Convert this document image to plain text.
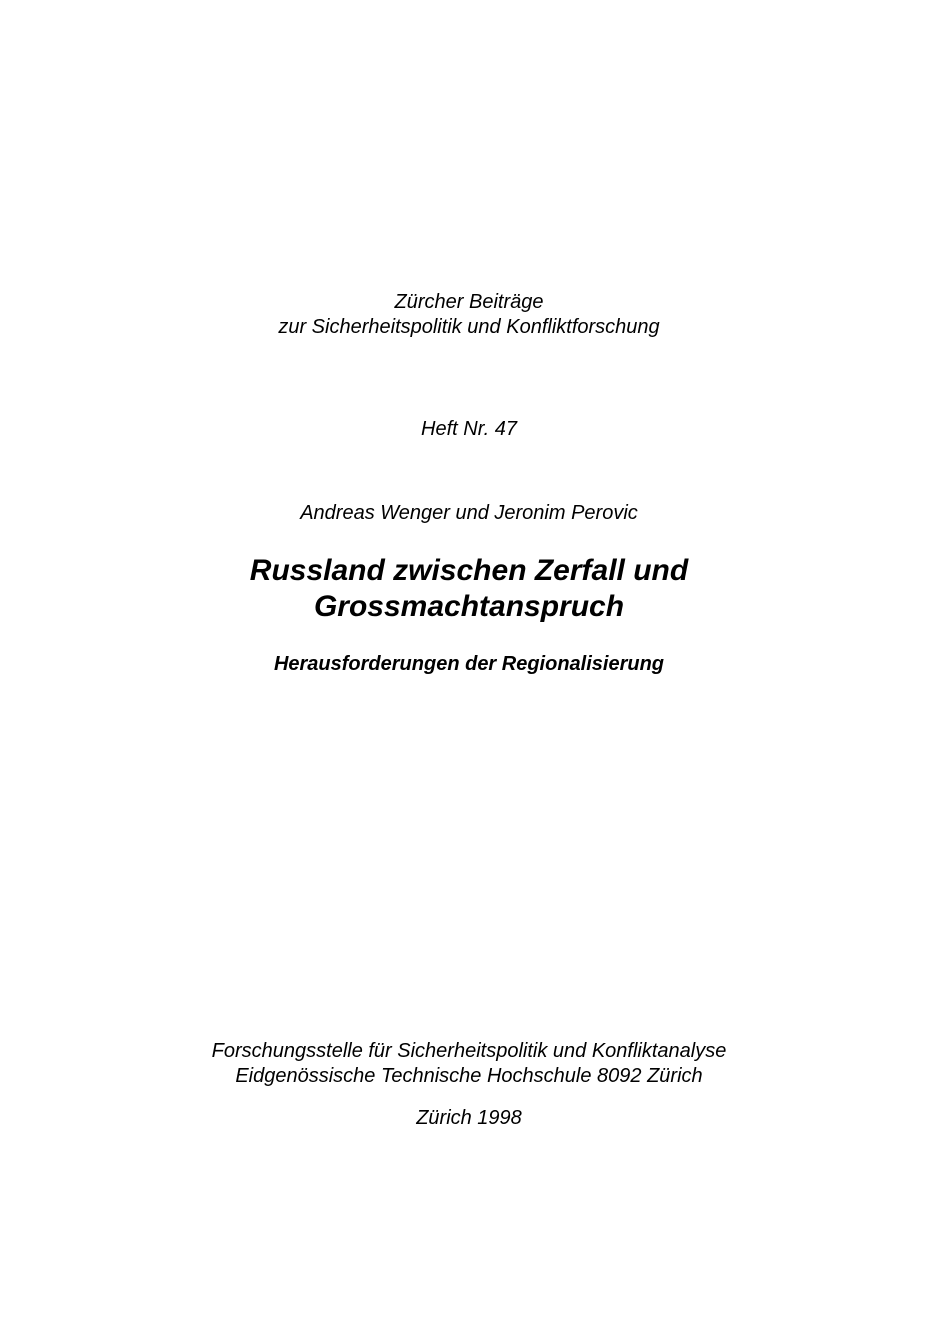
Zürcher Beiträge

zur Sicherheitspolitik und Konfliktforschung

Heft Nr. 47

Andreas Wenger und Jeronim Perovic

Russland zwischen Zerfall und
Grossmachtanspruch
Herausforderungen der Regionalisierung

Forschungsstelle für Sicherheitspolitik und Konfliktanalyse

Eidgenössische Technische Hochschule 8092 Zürich

Zürich 1998
